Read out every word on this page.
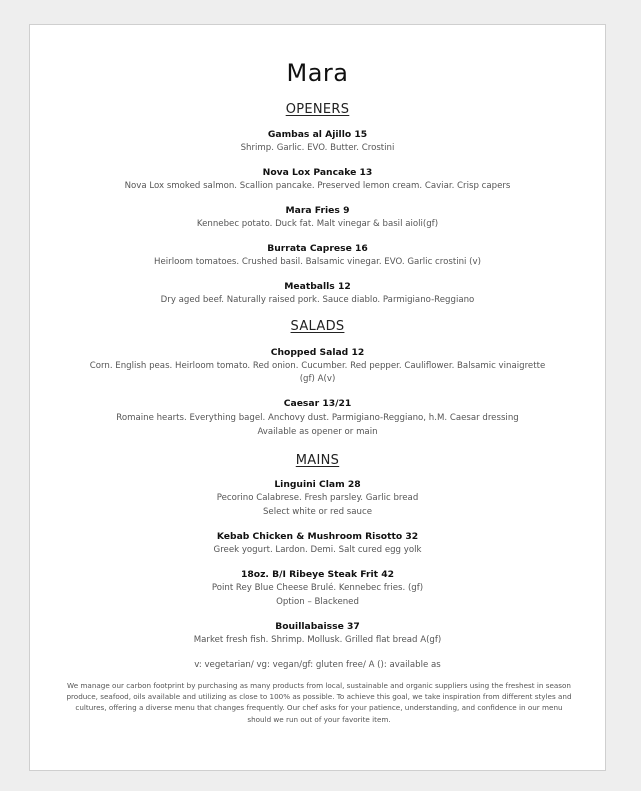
Mara
OPENERS
Gambas al Ajillo 15
Shrimp. Garlic. EVO. Butter. Crostini
Nova Lox Pancake 13
Nova Lox smoked salmon. Scallion pancake. Preserved lemon cream. Caviar. Crisp capers
Mara Fries 9
Kennebec potato. Duck fat. Malt vinegar & basil aioli(gf)
Burrata Caprese 16
Heirloom tomatoes. Crushed basil. Balsamic vinegar. EVO. Garlic crostini (v)
Meatballs 12
Dry aged beef. Naturally raised pork. Sauce diablo. Parmigiano-Reggiano
SALADS
Chopped Salad 12
Corn. English peas. Heirloom tomato. Red onion. Cucumber. Red pepper. Cauliflower. Balsamic vinaigrette
(gf) A(v)
Caesar 13/21
Romaine hearts. Everything bagel. Anchovy dust. Parmigiano-Reggiano, h.M. Caesar dressing
Available as opener or main
MAINS
Linguini Clam 28
Pecorino Calabrese. Fresh parsley. Garlic bread
Select white or red sauce
Kebab Chicken & Mushroom Risotto 32
Greek yogurt. Lardon. Demi. Salt cured egg yolk
18oz. B/I Ribeye Steak Frit 42
Point Rey Blue Cheese Brulé. Kennebec fries. (gf)
Option – Blackened
Bouillabaisse 37
Market fresh fish. Shrimp. Mollusk. Grilled flat bread A(gf)
v: vegetarian/ vg: vegan/gf: gluten free/ A (): available as
We manage our carbon footprint by purchasing as many products from local, sustainable and organic suppliers using the freshest in season produce, seafood, oils available and utilizing as close to 100% as possible. To achieve this goal, we take inspiration from different styles and cultures, offering a diverse menu that changes frequently. Our chef asks for your patience, understanding, and confidence in our menu should we run out of your favorite item.
